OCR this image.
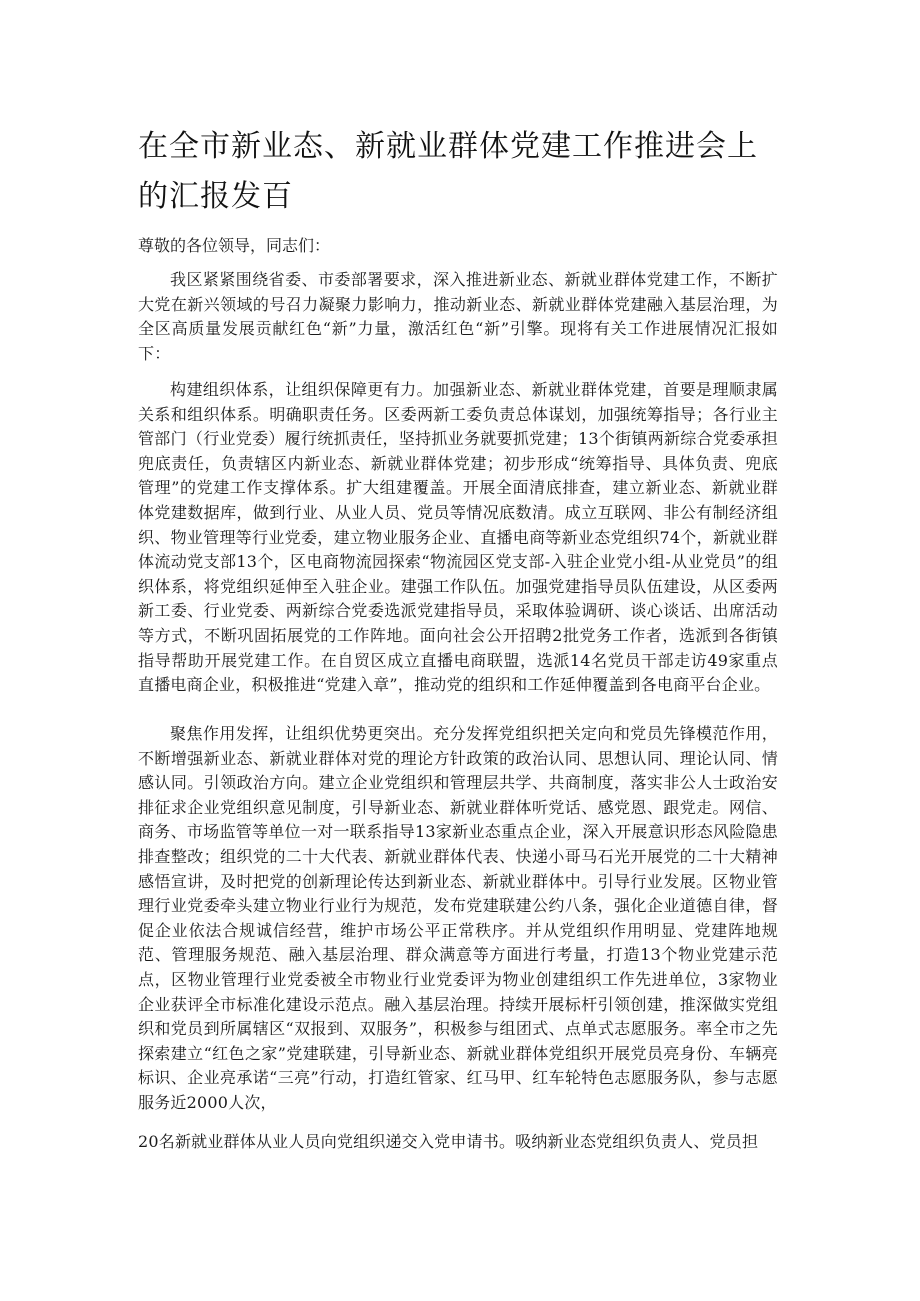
在全市新业态、新就业群体党建工作推进会上的汇报发百

尊敬的各位领导，同志们：

我区紧紧围绕省委、市委部署要求，深入推进新业态、新就业群体党建工作，不断扩大党在新兴领域的号召力凝聚力影响力，推动新业态、新就业群体党建融入基层治理，为全区高质量发展贡献红色“新”力量，激活红色“新”引擎。现将有关工作进展情况汇报如下：

构建组织体系，让组织保障更有力。加强新业态、新就业群体党建，首要是理顺隶属关系和组织体系。明确职责任务。区委两新工委负责总体谋划，加强统筹指导；各行业主管部门（行业党委）履行统抓责任，坚持抓业务就要抓党建；13个街镇两新综合党委承担兜底责任，负责辖区内新业态、新就业群体党建；初步形成“统筹指导、具体负责、兜底管理”的党建工作支撑体系。扩大组建覆盖。开展全面清底排查，建立新业态、新就业群体党建数据库，做到行业、从业人员、党员等情况底数清。成立互联网、非公有制经济组织、物业管理等行业党委，建立物业服务企业、直播电商等新业态党组织74个，新就业群体流动党支部13个，区电商物流园探索“物流园区党支部-入驻企业党小组-从业党员”的组织体系，将党组织延伸至入驻企业。建强工作队伍。加强党建指导员队伍建设，从区委两新工委、行业党委、两新综合党委选派党建指导员，采取体验调研、谈心谈话、出席活动等方式，不断巩固拓展党的工作阵地。面向社会公开招聘2批党务工作者，选派到各街镇指导帮助开展党建工作。在自贸区成立直播电商联盟，选派14名党员干部走访49家重点直播电商企业，积极推进“党建入章”，推动党的组织和工作延伸覆盖到各电商平台企业。

聚焦作用发挥，让组织优势更突出。充分发挥党组织把关定向和党员先锋模范作用，不断增强新业态、新就业群体对党的理论方针政策的政治认同、思想认同、理论认同、情感认同。引领政治方向。建立企业党组织和管理层共学、共商制度，落实非公人士政治安排征求企业党组织意见制度，引导新业态、新就业群体听党话、感党恩、跟党走。网信、商务、市场监管等单位一对一联系指导13家新业态重点企业，深入开展意识形态风险隐患排查整改；组织党的二十大代表、新就业群体代表、快递小哥马石光开展党的二十大精神感悟宣讲，及时把党的创新理论传达到新业态、新就业群体中。引导行业发展。区物业管理行业党委牵头建立物业行业行为规范，发布党建联建公约八条，强化企业道德自律，督促企业依法合规诚信经营，维护市场公平正常秩序。并从党组织作用明显、党建阵地规范、管理服务规范、融入基层治理、群众满意等方面进行考量，打造13个物业党建示范点，区物业管理行业党委被全市物业行业党委评为物业创建组织工作先进单位，3家物业企业获评全市标准化建设示范点。融入基层治理。持续开展标杆引领创建，推深做实党组织和党员到所属辖区“双报到、双服务”，积极参与组团式、点单式志愿服务。率全市之先探索建立“红色之家”党建联建，引导新业态、新就业群体党组织开展党员亮身份、车辆亮标识、企业亮承诺“三亮”行动，打造红管家、红马甲、红车轮特色志愿服务队，参与志愿服务近2000人次，

20名新就业群体从业人员向党组织递交入党申请书。吸纳新业态党组织负责人、党员担
